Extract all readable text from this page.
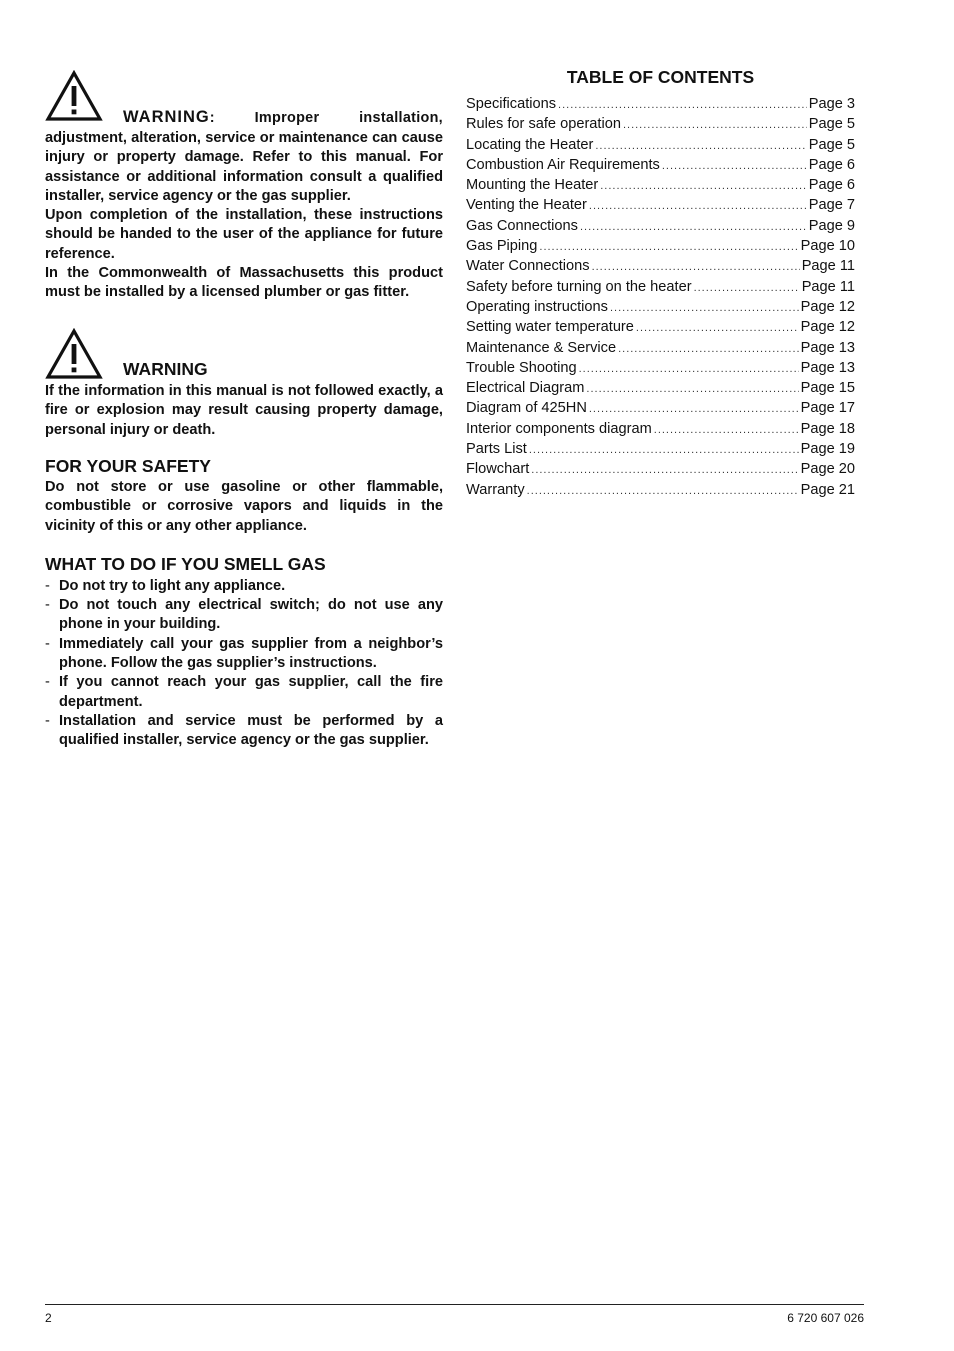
WARNING : Improper installation,

adjustment, alteration, service or maintenance can cause injury or property damage. Refer to this manual. For assistance or additional information consult a qualified installer, service agency or the gas supplier.

Upon completion of the installation, these instructions should be handed to the user of the appliance for future reference.

In the Commonwealth of Massachusetts this product must be installed by a licensed plumber or gas fitter.

WARNING

If the information in this manual is not followed exactly, a fire or explosion may result causing property damage, personal injury or death.

FOR YOUR SAFETY

Do not store or use gasoline or other flammable, combustible or corrosive vapors and liquids in the vicinity of this or any other appliance.

WHAT TO DO IF YOU SMELL GAS
- Do not try to light any appliance.
- Do not touch any electrical switch; do not use any phone in your building.
- Immediately call your gas supplier from a neighbor’s phone. Follow the gas supplier’s instructions.
- If you cannot reach your gas supplier, call the fire department.
- Installation and service must be performed by a qualified installer, service agency or the gas supplier.
TABLE OF CONTENTS
Specifications .....	Page 3
Rules for safe operation .....	Page 5
Locating the Heater .....	Page 5
Combustion Air Requirements .....	Page 6
Mounting the Heater .....	Page 6
Venting the Heater .....	Page 7
Gas Connections .....	Page 9
Gas Piping .....	Page 10
Water Connections .....	Page 11
Safety before turning on the heater .....	Page 11
Operating instructions .....	Page 12
Setting water temperature .....	Page 12
Maintenance & Service .....	Page 13
Trouble Shooting .....	Page 13
Electrical Diagram .....	Page 15
Diagram of 425HN .....	Page 17
Interior components diagram .....	Page 18
Parts List .....	Page 19
Flowchart .....	Page 20
Warranty .....	Page 21
2	6 720 607 026
